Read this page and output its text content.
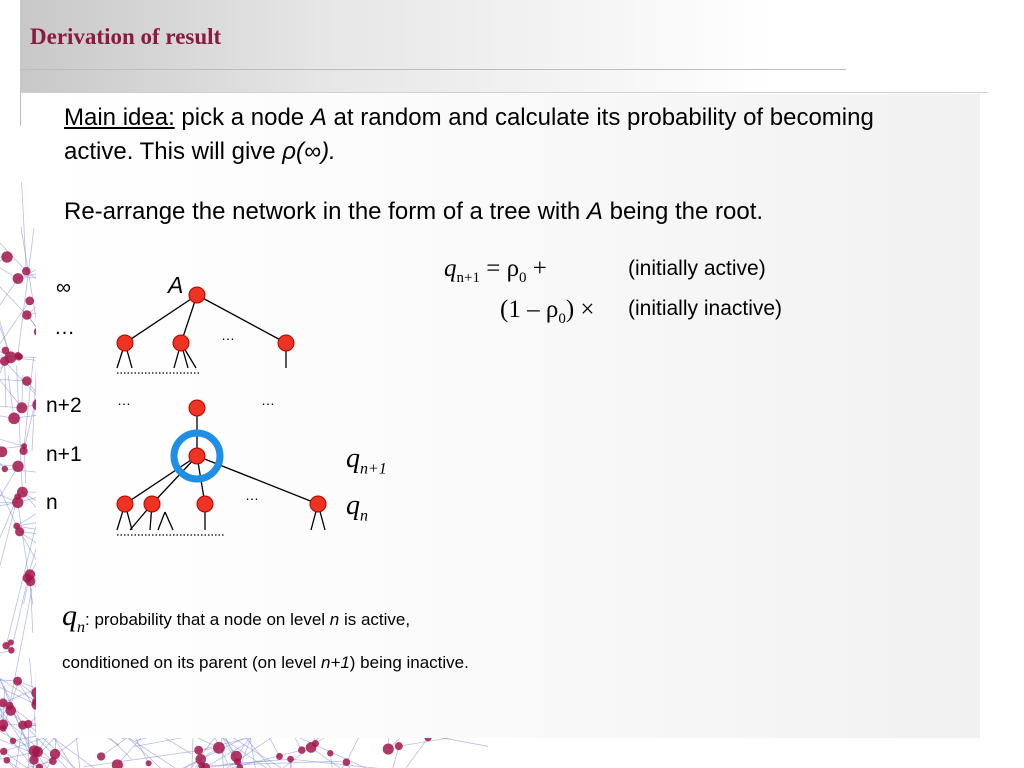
Derivation of result
Main idea: pick a node A at random and calculate its probability of becoming active. This will give ρ(∞).
Re-arrange the network in the form of a tree with A being the root.
$q_{n+1} = \rho_0$ +	(initially active)
$(1 - \rho_0)$ × (initially inactive)
∞
…
n+2
n+1
n
A
$q_{n+1}$
$q_n$
…
…	…
…
$q_n$: probability that a node on level n is active, conditioned on its parent (on level n+1) being inactive.
